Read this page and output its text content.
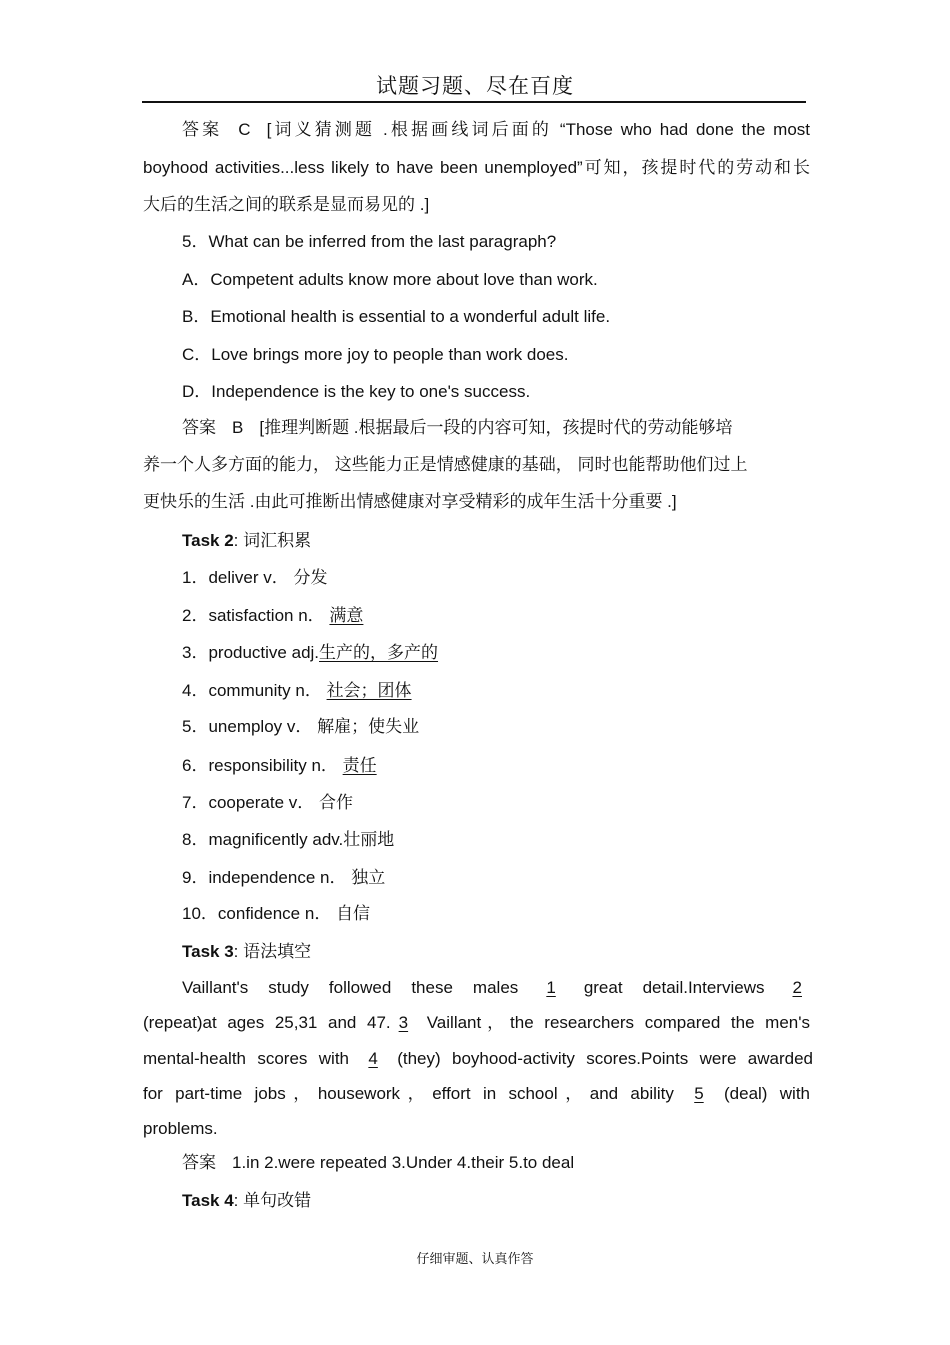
试题习题、尽在百度
答案 C [词义猜测题 .根据画线词后面的 “Those who had done the most
boyhood activities...less likely to have been unemployed”可知，孩提时代的劳动和长
大后的生活之间的联系是显而易见的 .]
5．What can be inferred from the last paragraph?
A．Competent adults know more about love than work.
B．Emotional health is essential to a wonderful adult life.
C．Love brings more joy to people than work does.
D．Independence is the key to one's success.
答案 B [推理判断题 .根据最后一段的内容可知，孩提时代的劳动能够培
养一个人多方面的能力， 这些能力正是情感健康的基础， 同时也能帮助他们过上
更快乐的生活 .由此可推断出情感健康对享受精彩的成年生活十分重要 .]
Task 2: 词汇积累
1．deliver v． 分发
2．satisfaction n． 满意
3．productive adj.生产的，多产的
4．community n． 社会；团体
5．unemploy v． 解雇；使失业
6．responsibility n． 责任
7．cooperate v． 合作
8．magnificently adv.壮丽地
9．independence n． 独立
10．confidence n． 自信
Task 3: 语法填空
Vaillant's study followed these males 1 great detail.Interviews 2
(repeat)at ages 25,31 and 47. 3 Vaillant，the researchers compared the men's
mental-health scores with 4 (they) boyhood-activity scores.Points were awarded
for part-time jobs，housework，effort in school，and ability 5 (deal) with
problems.
答案 1.in 2.were repeated 3.Under 4.their 5.to deal
Task 4: 单句改错
仔细审题、认真作答
